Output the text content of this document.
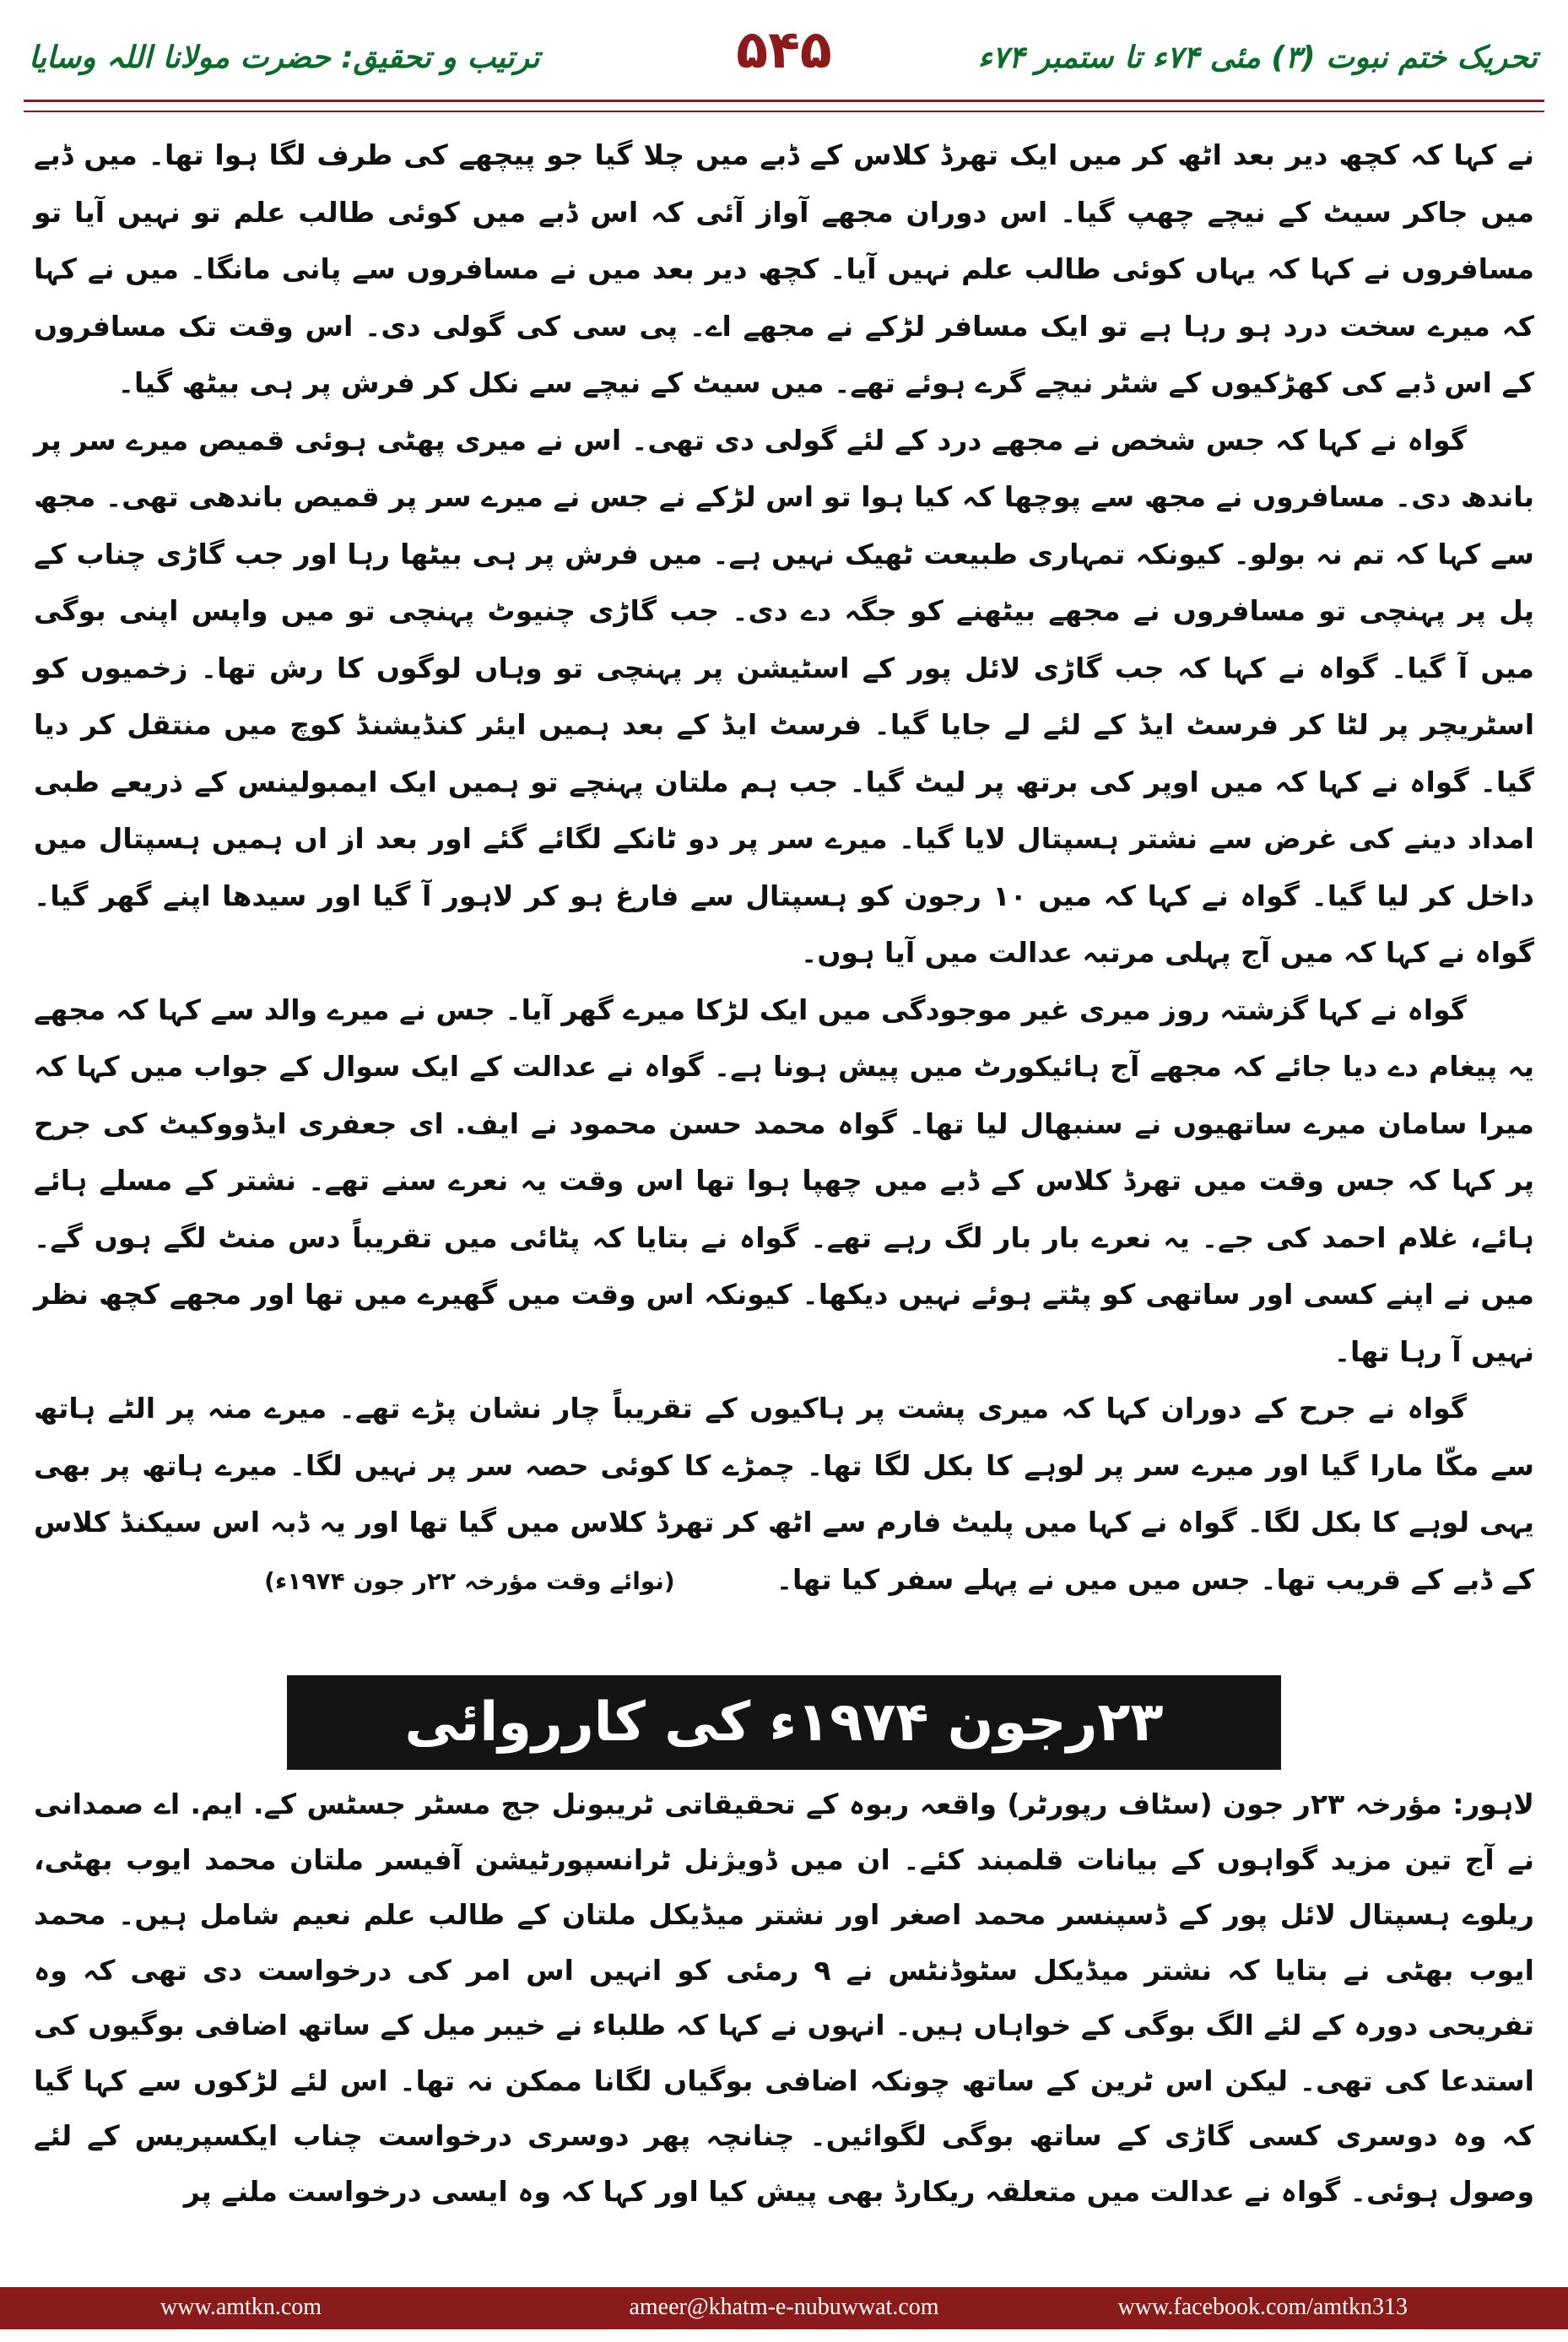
تحریک ختم نبوت (۳) مئی ۷۴ء تا ستمبر ۷۴ء
۵۴۵
ترتیب و تحقیق: حضرت مولانا اللہ وسایا

نے کہا کہ کچھ دیر بعد اٹھ کر میں ایک تھرڈ کلاس کے ڈبے میں چلا گیا جو پیچھے کی طرف لگا ہوا تھا۔ میں ڈبے میں جاکر سیٹ کے نیچے چھپ گیا۔ اس دوران مجھے آواز آئی کہ اس ڈبے میں کوئی طالب علم تو نہیں آیا تو مسافروں نے کہا کہ یہاں کوئی طالب علم نہیں آیا۔ کچھ دیر بعد میں نے مسافروں سے پانی مانگا۔ میں نے کہا کہ میرے سخت درد ہو رہا ہے تو ایک مسافر لڑکے نے مجھے اے۔ پی سی کی گولی دی۔ اس وقت تک مسافروں کے اس ڈبے کی کھڑکیوں کے شٹر نیچے گرے ہوئے تھے۔ میں سیٹ کے نیچے سے نکل کر فرش پر ہی بیٹھ گیا۔

گواہ نے کہا کہ جس شخص نے مجھے درد کے لئے گولی دی تھی۔ اس نے میری پھٹی ہوئی قمیص میرے سر پر باندھ دی۔ مسافروں نے مجھ سے پوچھا کہ کیا ہوا تو اس لڑکے نے جس نے میرے سر پر قمیص باندھی تھی۔ مجھ سے کہا کہ تم نہ بولو۔ کیونکہ تمہاری طبیعت ٹھیک نہیں ہے۔ میں فرش پر ہی بیٹھا رہا اور جب گاڑی چناب کے پل پر پہنچی تو مسافروں نے مجھے بیٹھنے کو جگہ دے دی۔ جب گاڑی چنیوٹ پہنچی تو میں واپس اپنی بوگی میں آ گیا۔ گواہ نے کہا کہ جب گاڑی لائل پور کے اسٹیشن پر پہنچی تو وہاں لوگوں کا رش تھا۔ زخمیوں کو اسٹریچر پر لٹا کر فرسٹ ایڈ کے لئے لے جایا گیا۔ فرسٹ ایڈ کے بعد ہمیں ایئر کنڈیشنڈ کوچ میں منتقل کر دیا گیا۔ گواہ نے کہا کہ میں اوپر کی برتھ پر لیٹ گیا۔ جب ہم ملتان پہنچے تو ہمیں ایک ایمبولینس کے ذریعے طبی امداد دینے کی غرض سے نشتر ہسپتال لایا گیا۔ میرے سر پر دو ٹانکے لگائے گئے اور بعد از اں ہمیں ہسپتال میں داخل کر لیا گیا۔ گواہ نے کہا کہ میں ۱۰ رجون کو ہسپتال سے فارغ ہو کر لاہور آ گیا اور سیدھا اپنے گھر گیا۔ گواہ نے کہا کہ میں آج پہلی مرتبہ عدالت میں آیا ہوں۔

گواہ نے کہا گزشتہ روز میری غیر موجودگی میں ایک لڑکا میرے گھر آیا۔ جس نے میرے والد سے کہا کہ مجھے یہ پیغام دے دیا جائے کہ مجھے آج ہائیکورٹ میں پیش ہونا ہے۔ گواہ نے عدالت کے ایک سوال کے جواب میں کہا کہ میرا سامان میرے ساتھیوں نے سنبھال لیا تھا۔ گواہ محمد حسن محمود نے ایف. ای جعفری ایڈووکیٹ کی جرح پر کہا کہ جس وقت میں تھرڈ کلاس کے ڈبے میں چھپا ہوا تھا اس وقت یہ نعرے سنے تھے۔ نشتر کے مسلے ہائے ہائے، غلام احمد کی جے۔ یہ نعرے بار بار لگ رہے تھے۔ گواہ نے بتایا کہ پٹائی میں تقریباً دس منٹ لگے ہوں گے۔ میں نے اپنے کسی اور ساتھی کو پٹتے ہوئے نہیں دیکھا۔ کیونکہ اس وقت میں گھیرے میں تھا اور مجھے کچھ نظر نہیں آ رہا تھا۔

گواہ نے جرح کے دوران کہا کہ میری پشت پر ہاکیوں کے تقریباً چار نشان پڑے تھے۔ میرے منہ پر الٹے ہاتھ سے مکّا مارا گیا اور میرے سر پر لوہے کا بکل لگا تھا۔ چمڑے کا کوئی حصہ سر پر نہیں لگا۔ میرے ہاتھ پر بھی یہی لوہے کا بکل لگا۔ گواہ نے کہا میں پلیٹ فارم سے اٹھ کر تھرڈ کلاس میں گیا تھا اور یہ ڈبہ اس سیکنڈ کلاس کے ڈبے کے قریب تھا۔ جس میں میں نے پہلے سفر کیا تھا۔(نوائے وقت مؤرخہ ۲۲ر جون ۱۹۷۴ء)

۲۳رجون ۱۹۷۴ء کی کارروائی

لاہور: مؤرخہ ۲۳ر جون (سٹاف رپورٹر) واقعہ ربوہ کے تحقیقاتی ٹریبونل جج مسٹر جسٹس کے. ایم. اے صمدانی نے آج تین مزید گواہوں کے بیانات قلمبند کئے۔ ان میں ڈویژنل ٹرانسپورٹیشن آفیسر ملتان محمد ایوب بھٹی، ریلوے ہسپتال لائل پور کے ڈسپنسر محمد اصغر اور نشتر میڈیکل ملتان کے طالب علم نعیم شامل ہیں۔ محمد ایوب بھٹی نے بتایا کہ نشتر میڈیکل سٹوڈنٹس نے ۹ رمئی کو انہیں اس امر کی درخواست دی تھی کہ وہ تفریحی دورہ کے لئے الگ بوگی کے خواہاں ہیں۔ انہوں نے کہا کہ طلباء نے خیبر میل کے ساتھ اضافی بوگیوں کی استدعا کی تھی۔ لیکن اس ٹرین کے ساتھ چونکہ اضافی بوگیاں لگانا ممکن نہ تھا۔ اس لئے لڑکوں سے کہا گیا کہ وہ دوسری کسی گاڑی کے ساتھ بوگی لگوائیں۔ چنانچہ پھر دوسری درخواست چناب ایکسپریس کے لئے وصول ہوئی۔ گواہ نے عدالت میں متعلقہ ریکارڈ بھی پیش کیا اور کہا کہ وہ ایسی درخواست ملنے پر

ameer@khatm-e-nubuwwat.com
www.amtkn.com	www.facebook.com/amtkn313
